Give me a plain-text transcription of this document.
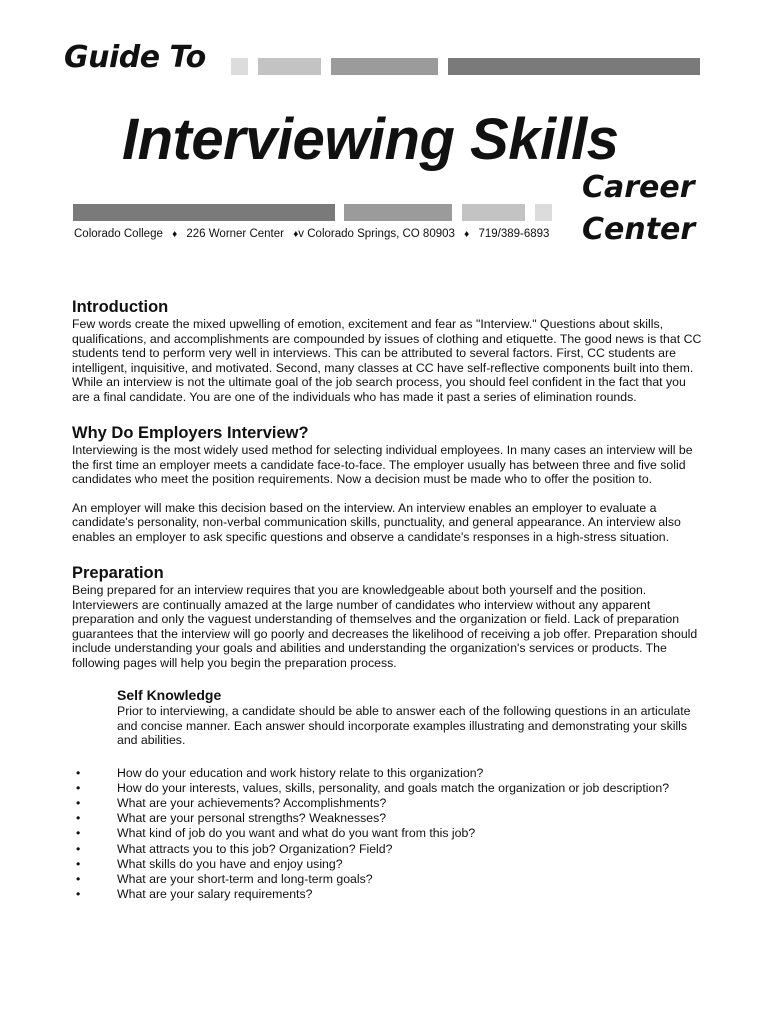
Guide To
Interviewing Skills
Career
Center
Colorado College ♦ 226 Worner Center ♦v Colorado Springs, CO 80903 ♦ 719/389-6893
Introduction

Few words create the mixed upwelling of emotion, excitement and fear as "Interview." Questions about skills, qualifications, and accomplishments are compounded by issues of clothing and etiquette. The good news is that CC students tend to perform very well in interviews. This can be attributed to several factors. First, CC students are intelligent, inquisitive, and motivated. Second, many classes at CC have self-reflective components built into them. While an interview is not the ultimate goal of the job search process, you should feel confident in the fact that you are a final candidate. You are one of the individuals who has made it past a series of elimination rounds.

Why Do Employers Interview?

Interviewing is the most widely used method for selecting individual employees. In many cases an interview will be the first time an employer meets a candidate face-to-face. The employer usually has between three and five solid candidates who meet the position requirements. Now a decision must be made who to offer the position to.

An employer will make this decision based on the interview. An interview enables an employer to evaluate a candidate's personality, non-verbal communication skills, punctuality, and general appearance. An interview also enables an employer to ask specific questions and observe a candidate's responses in a high-stress situation.

Preparation

Being prepared for an interview requires that you are knowledgeable about both yourself and the position. Interviewers are continually amazed at the large number of candidates who interview without any apparent preparation and only the vaguest understanding of themselves and the organization or field. Lack of preparation guarantees that the interview will go poorly and decreases the likelihood of receiving a job offer. Preparation should include understanding your goals and abilities and understanding the organization's services or products. The following pages will help you begin the preparation process.

Self Knowledge

Prior to interviewing, a candidate should be able to answer each of the following questions in an articulate and concise manner. Each answer should incorporate examples illustrating and demonstrating your skills and abilities.

•	How do your education and work history relate to this organization?
•	How do your interests, values, skills, personality, and goals match the organization or job description?
•	What are your achievements? Accomplishments?
•	What are your personal strengths? Weaknesses?
•	What kind of job do you want and what do you want from this job?
•	What attracts you to this job? Organization? Field?
•	What skills do you have and enjoy using?
•	What are your short-term and long-term goals?
•	What are your salary requirements?
